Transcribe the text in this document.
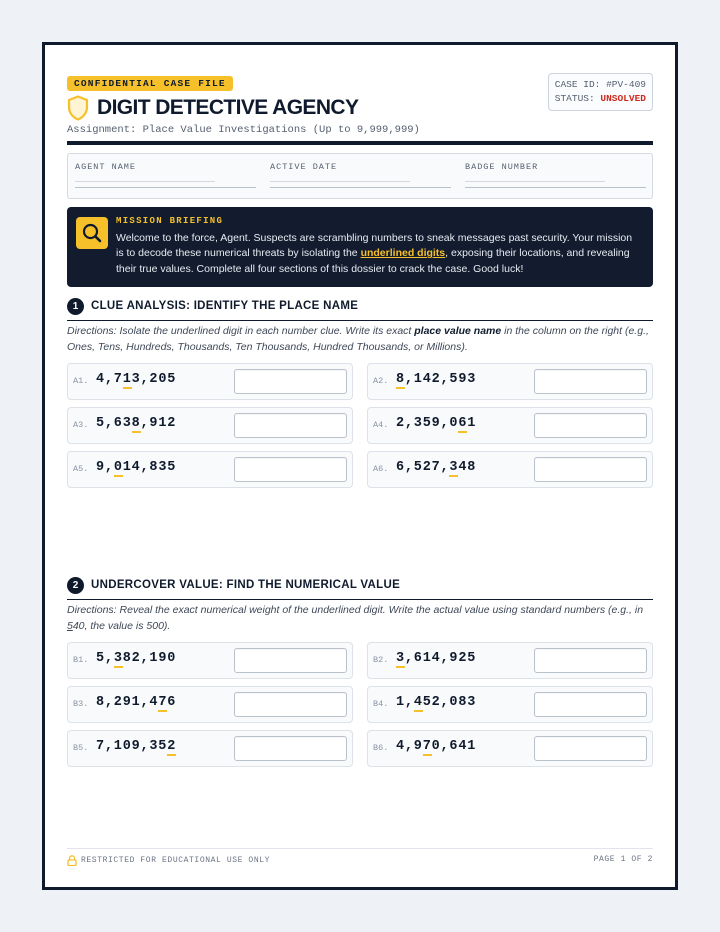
CONFIDENTIAL CASE FILE
DIGIT DETECTIVE AGENCY
Assignment: Place Value Investigations (Up to 9,999,999)
CASE ID: #PV-409
STATUS: UNSOLVED
AGENT NAME	ACTIVE DATE	BADGE NUMBER
MISSION BRIEFING
Welcome to the force, Agent. Suspects are scrambling numbers to sneak messages past security. Your mission is to decode these numerical threats by isolating the underlined digits, exposing their locations, and revealing their true values. Complete all four sections of this dossier to crack the case. Good luck!
1	CLUE ANALYSIS: IDENTIFY THE PLACE NAME
Directions: Isolate the underlined digit in each number clue. Write its exact place value name in the column on the right (e.g., Ones, Tens, Hundreds, Thousands, Ten Thousands, Hundred Thousands, or Millions).
A1. 4,713,205	A2. 8,142,593
A3. 5,638,912	A4. 2,359,061
A5. 9,014,835	A6. 6,527,348
2	UNDERCOVER VALUE: FIND THE NUMERICAL VALUE
Directions: Reveal the exact numerical weight of the underlined digit. Write the actual value using standard numbers (e.g., in 540, the value is 500).
B1. 5,382,190	B2. 3,614,925
B3. 8,291,476	B4. 1,452,083
B5. 7,109,352	B6. 4,970,641
RESTRICTED FOR EDUCATIONAL USE ONLY	PAGE 1 OF 2
